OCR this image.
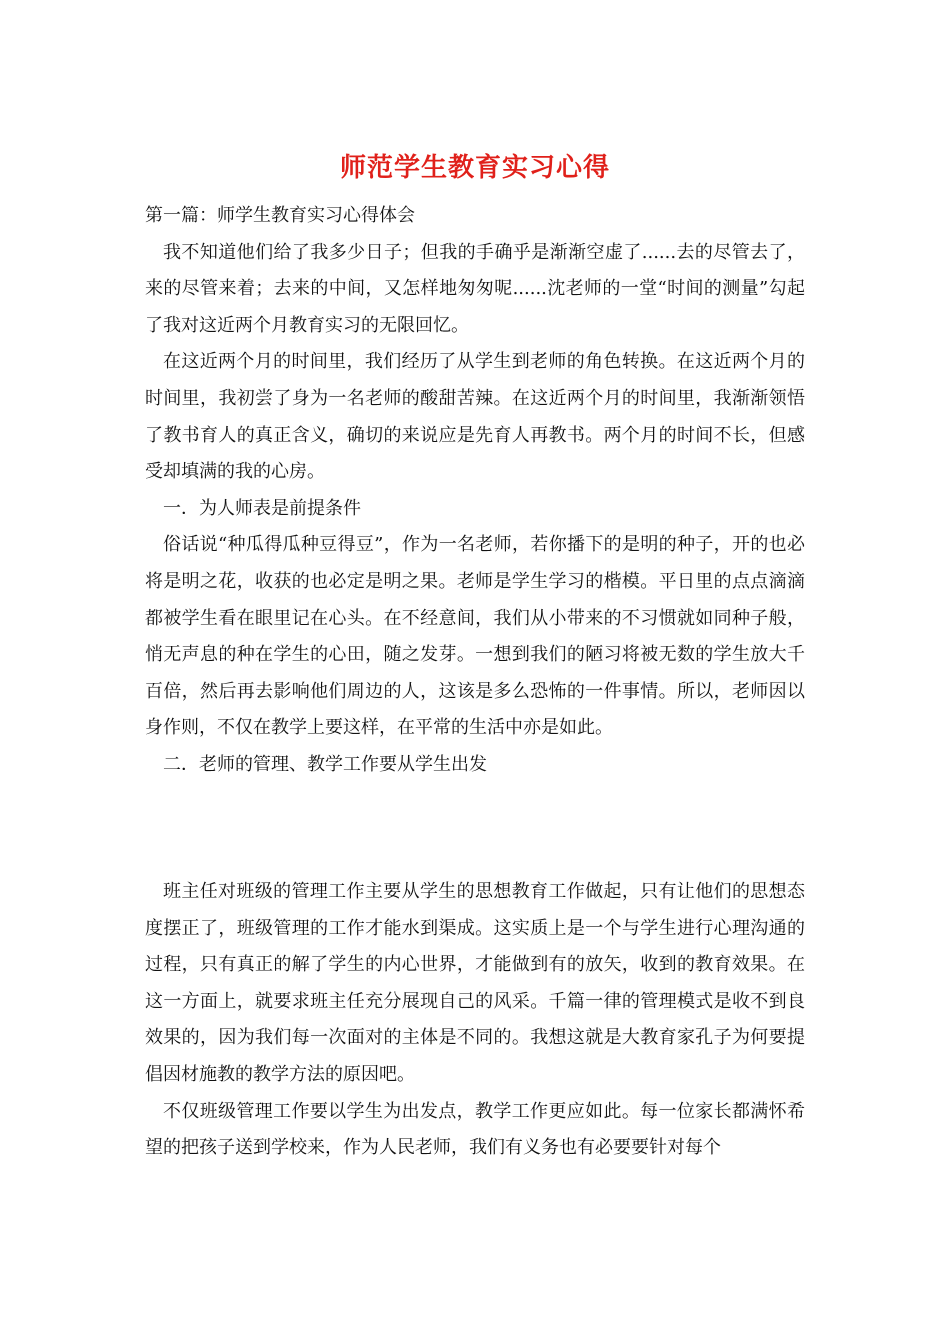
师范学生教育实习心得

第一篇：师学生教育实习心得体会

我不知道他们给了我多少日子；但我的手确乎是渐渐空虚了......去的尽管去了，来的尽管来着；去来的中间，又怎样地匆匆呢......沈老师的一堂“时间的测量”勾起了我对这近两个月教育实习的无限回忆。

在这近两个月的时间里，我们经历了从学生到老师的角色转换。在这近两个月的时间里，我初尝了身为一名老师的酸甜苦辣。在这近两个月的时间里，我渐渐领悟了教书育人的真正含义，确切的来说应是先育人再教书。两个月的时间不长，但感受却填满的我的心房。

一．为人师表是前提条件

俗话说“种瓜得瓜种豆得豆”，作为一名老师，若你播下的是明的种子，开的也必将是明之花，收获的也必定是明之果。老师是学生学习的楷模。平日里的点点滴滴都被学生看在眼里记在心头。在不经意间，我们从小带来的不习惯就如同种子般，悄无声息的种在学生的心田，随之发芽。一想到我们的陋习将被无数的学生放大千百倍，然后再去影响他们周边的人，这该是多么恐怖的一件事情。所以，老师因以身作则，不仅在教学上要这样，在平常的生活中亦是如此。

二．老师的管理、教学工作要从学生出发

班主任对班级的管理工作主要从学生的思想教育工作做起，只有让他们的思想态度摆正了，班级管理的工作才能水到渠成。这实质上是一个与学生进行心理沟通的过程，只有真正的解了学生的内心世界，才能做到有的放矢，收到的教育效果。在这一方面上，就要求班主任充分展现自己的风采。千篇一律的管理模式是收不到良效果的，因为我们每一次面对的主体是不同的。我想这就是大教育家孔子为何要提倡因材施教的教学方法的原因吧。

不仅班级管理工作要以学生为出发点，教学工作更应如此。每一位家长都满怀希望的把孩子送到学校来，作为人民老师，我们有义务也有必要要针对每个
